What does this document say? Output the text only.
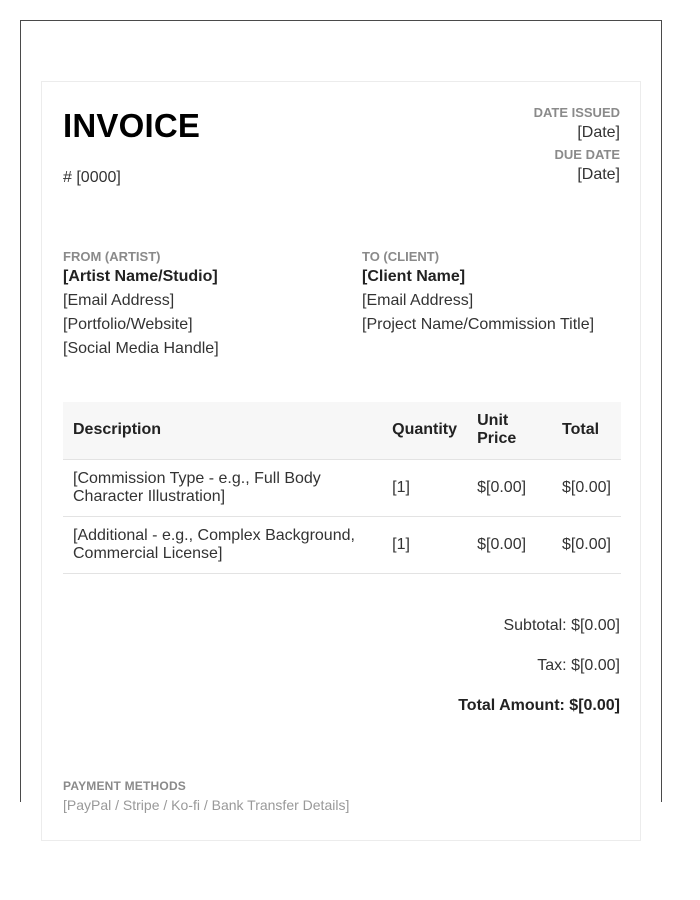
INVOICE
# [0000]
DATE ISSUED
[Date]
DUE DATE
[Date]
FROM (ARTIST)
[Artist Name/Studio]
[Email Address]
[Portfolio/Website]
[Social Media Handle]
TO (CLIENT)
[Client Name]
[Email Address]
[Project Name/Commission Title]
Description	Quantity	Unit Price	Total
[Commission Type - e.g., Full Body Character Illustration]	[1]	$[0.00]	$[0.00]
[Additional - e.g., Complex Background, Commercial License]	[1]	$[0.00]	$[0.00]
Subtotal: $[0.00]
Tax: $[0.00]
Total Amount: $[0.00]
PAYMENT METHODS
[PayPal / Stripe / Ko-fi / Bank Transfer Details]
